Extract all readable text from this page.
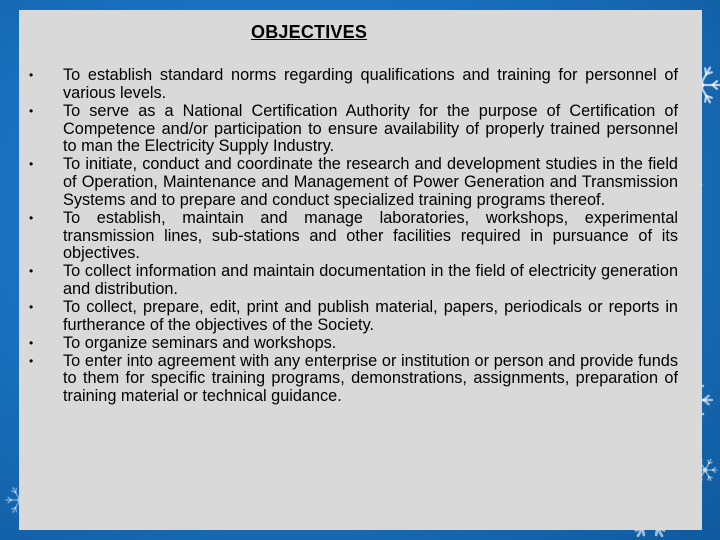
OBJECTIVES
• To establish standard norms regarding qualifications and training for personnel of various levels.
• To serve as a National Certification Authority for the purpose of Certification of Competence and/or participation to ensure availability of properly trained personnel to man the Electricity Supply Industry.
• To initiate, conduct and coordinate the research and development studies in the field of Operation, Maintenance and Management of Power Generation and Transmission Systems and to prepare and conduct specialized training programs thereof.
• To establish, maintain and manage laboratories, workshops, experimental transmission lines, sub-stations and other facilities required in pursuance of its objectives.
• To collect information and maintain documentation in the field of electricity generation and distribution.
• To collect, prepare, edit, print and publish material, papers, periodicals or reports in furtherance of the objectives of the Society.
• To organize seminars and workshops.
• To enter into agreement with any enterprise or institution or person and provide funds to them for specific training programs, demonstrations, assignments, preparation of training material or technical guidance.
